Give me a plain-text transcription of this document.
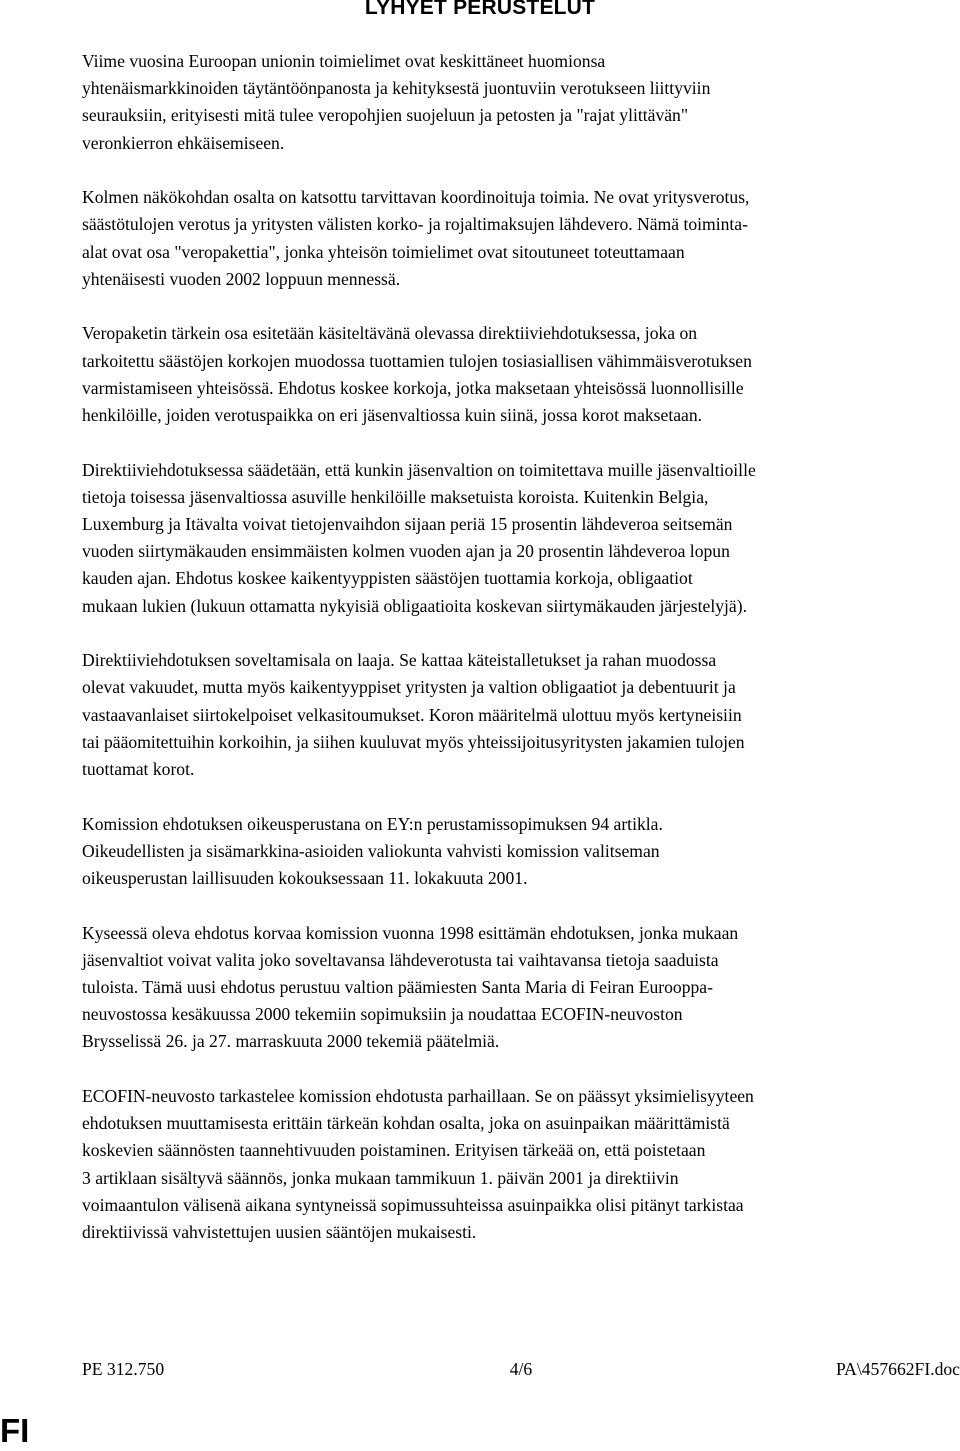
LYHYET PERUSTELUT

Viime vuosina Euroopan unionin toimielimet ovat keskittäneet huomionsa
yhtenäismarkkinoiden täytäntöönpanosta ja kehityksestä juontuviin verotukseen liittyviin
seurauksiin, erityisesti mitä tulee veropohjien suojeluun ja petosten ja "rajat ylittävän"
veronkierron ehkäisemiseen.

Kolmen näkökohdan osalta on katsottu tarvittavan koordinoituja toimia. Ne ovat yritysverotus,
säästötulojen verotus ja yritysten välisten korko- ja rojaltimaksujen lähdevero. Nämä toiminta-
alat ovat osa "veropakettia", jonka yhteisön toimielimet ovat sitoutuneet toteuttamaan
yhtenäisesti vuoden 2002 loppuun mennessä.

Veropaketin tärkein osa esitetään käsiteltävänä olevassa direktiiviehdotuksessa, joka on
tarkoitettu säästöjen korkojen muodossa tuottamien tulojen tosiasiallisen vähimmäisverotuksen
varmistamiseen yhteisössä. Ehdotus koskee korkoja, jotka maksetaan yhteisössä luonnollisille
henkilöille, joiden verotuspaikka on eri jäsenvaltiossa kuin siinä, jossa korot maksetaan.

Direktiiviehdotuksessa säädetään, että kunkin jäsenvaltion on toimitettava muille jäsenvaltioille
tietoja toisessa jäsenvaltiossa asuville henkilöille maksetuista koroista. Kuitenkin Belgia,
Luxemburg ja Itävalta voivat tietojenvaihdon sijaan periä 15 prosentin lähdeveroa seitsemän
vuoden siirtymäkauden ensimmäisten kolmen vuoden ajan ja 20 prosentin lähdeveroa lopun
kauden ajan. Ehdotus koskee kaikentyyppisten säästöjen tuottamia korkoja, obligaatiot
mukaan lukien (lukuun ottamatta nykyisiä obligaatioita koskevan siirtymäkauden järjestelyjä).

Direktiiviehdotuksen soveltamisala on laaja. Se kattaa käteistalletukset ja rahan muodossa
olevat vakuudet, mutta myös kaikentyyppiset yritysten ja valtion obligaatiot ja debentuurit ja
vastaavanlaiset siirtokelpoiset velkasitoumukset. Koron määritelmä ulottuu myös kertyneisiin
tai pääomitettuihin korkoihin, ja siihen kuuluvat myös yhteissijoitusyritysten jakamien tulojen
tuottamat korot.

Komission ehdotuksen oikeusperustana on EY:n perustamissopimuksen 94 artikla.
Oikeudellisten ja sisämarkkina-asioiden valiokunta vahvisti komission valitseman
oikeusperustan laillisuuden kokouksessaan 11. lokakuuta 2001.

Kyseessä oleva ehdotus korvaa komission vuonna 1998 esittämän ehdotuksen, jonka mukaan
jäsenvaltiot voivat valita joko soveltavansa lähdeverotusta tai vaihtavansa tietoja saaduista
tuloista. Tämä uusi ehdotus perustuu valtion päämiesten Santa Maria di Feiran Eurooppa-
neuvostossa kesäkuussa 2000 tekemiin sopimuksiin ja noudattaa ECOFIN-neuvoston
Brysselissä 26. ja 27. marraskuuta 2000 tekemiä päätelmiä.

ECOFIN-neuvosto tarkastelee komission ehdotusta parhaillaan. Se on päässyt yksimielisyyteen
ehdotuksen muuttamisesta erittäin tärkeän kohdan osalta, joka on asuinpaikan määrittämistä
koskevien säännösten taannehtivuuden poistaminen. Erityisen tärkeää on, että poistetaan
3 artiklaan sisältyvä säännös, jonka mukaan tammikuun 1. päivän 2001 ja direktiivin
voimaantulon välisenä aikana syntyneissä sopimussuhteissa asuinpaikka olisi pitänyt tarkistaa
direktiivissä vahvistettujen uusien sääntöjen mukaisesti.

PE 312.750	4/6	PA\457662FI.doc
FI
